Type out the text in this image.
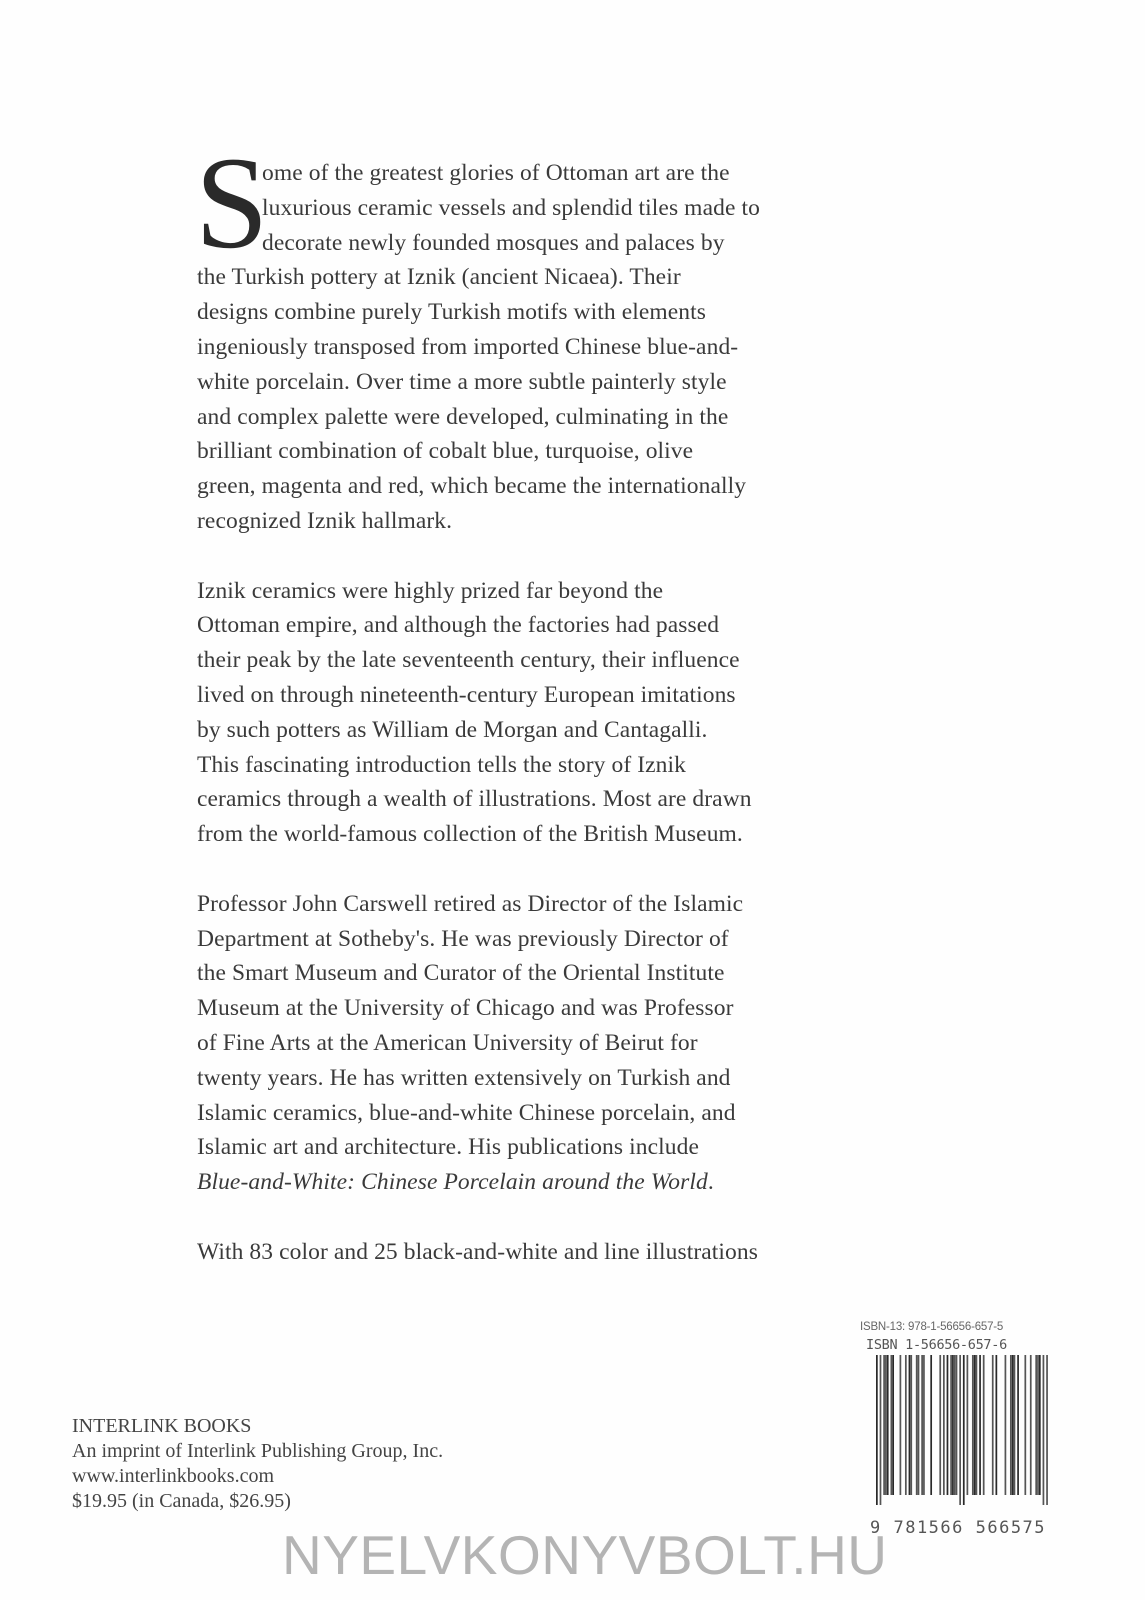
S
ome of the greatest glories of Ottoman art are the
luxurious ceramic vessels and splendid tiles made to
decorate newly founded mosques and palaces by
the Turkish pottery at Iznik (ancient Nicaea). Their
designs combine purely Turkish motifs with elements
ingeniously transposed from imported Chinese blue-and-
white porcelain. Over time a more subtle painterly style
and complex palette were developed, culminating in the
brilliant combination of cobalt blue, turquoise, olive
green, magenta and red, which became the internationally
recognized Iznik hallmark.
Iznik ceramics were highly prized far beyond the
Ottoman empire, and although the factories had passed
their peak by the late seventeenth century, their influence
lived on through nineteenth-century European imitations
by such potters as William de Morgan and Cantagalli.
This fascinating introduction tells the story of Iznik
ceramics through a wealth of illustrations. Most are drawn
from the world-famous collection of the British Museum.
Professor John Carswell retired as Director of the Islamic
Department at Sotheby's. He was previously Director of
the Smart Museum and Curator of the Oriental Institute
Museum at the University of Chicago and was Professor
of Fine Arts at the American University of Beirut for
twenty years. He has written extensively on Turkish and
Islamic ceramics, blue-and-white Chinese porcelain, and
Islamic art and architecture. His publications include
Blue-and-White: Chinese Porcelain around the World.
With 83 color and 25 black-and-white and line illustrations
INTERLINK BOOKS
An imprint of Interlink Publishing Group, Inc.
www.interlinkbooks.com
$19.95 (in Canada, $26.95)
ISBN-13: 978-1-56656-657-5
ISBN 1-56656-657-6
9 781566 566575
NYELVKONYVBOLT.HU
